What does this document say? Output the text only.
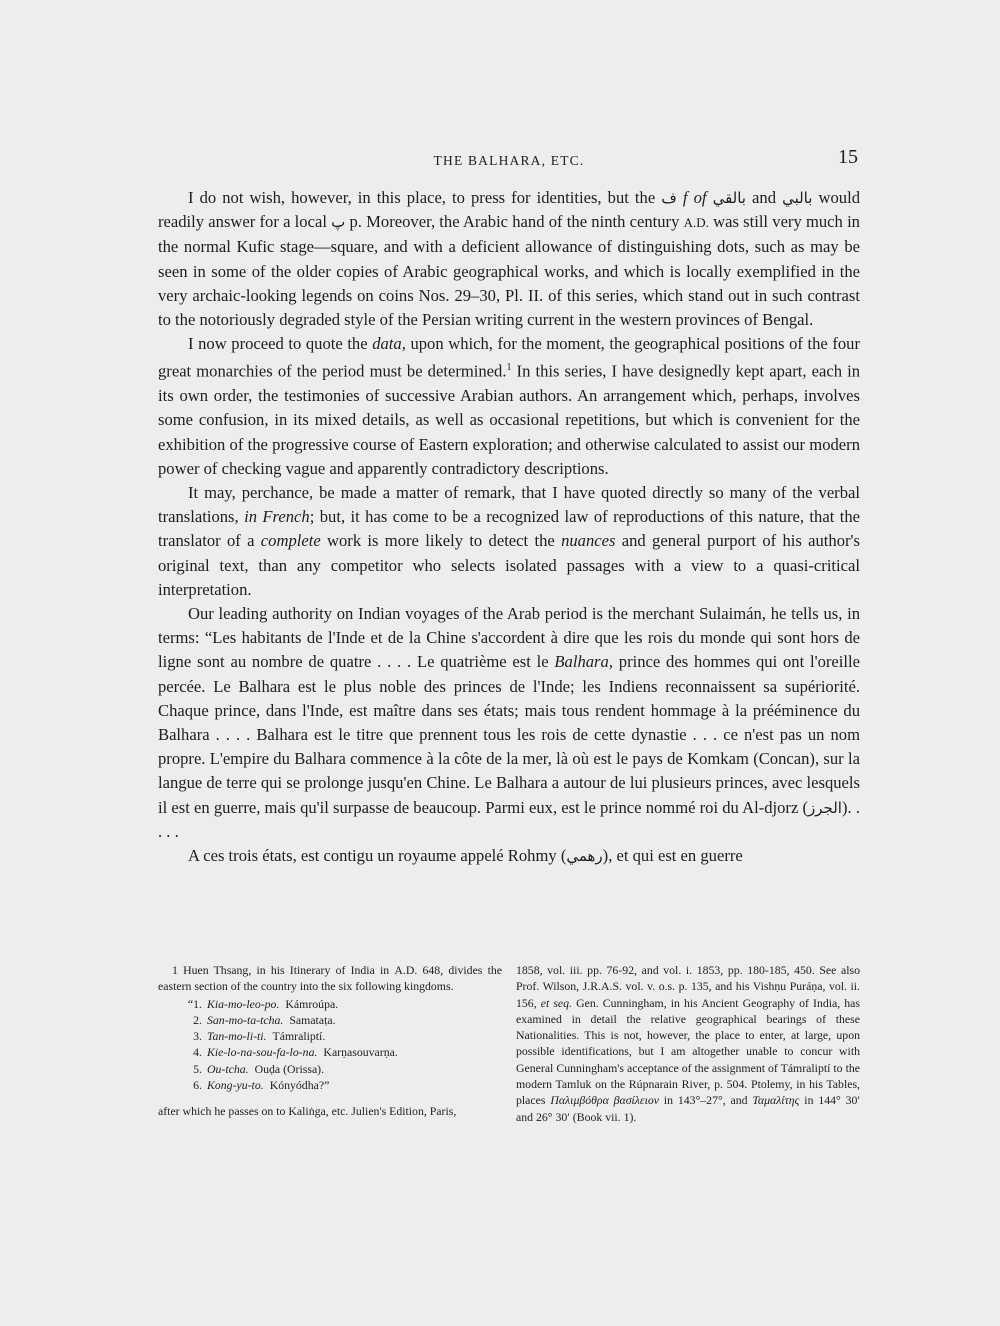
THE BALHARA, ETC.	15

I do not wish, however, in this place, to press for identities, but the ف f of بالقي and بالبي would readily answer for a local پ p. Moreover, the Arabic hand of the ninth century A.D. was still very much in the normal Kufic stage—square, and with a deficient allowance of distinguishing dots, such as may be seen in some of the older copies of Arabic geographical works, and which is locally exemplified in the very archaic-looking legends on coins Nos. 29–30, Pl. II. of this series, which stand out in such contrast to the notoriously degraded style of the Persian writing current in the western provinces of Bengal.

I now proceed to quote the data, upon which, for the moment, the geographical positions of the four great monarchies of the period must be determined.$^1$ In this series, I have designedly kept apart, each in its own order, the testimonies of successive Arabian authors. An arrangement which, perhaps, involves some confusion, in its mixed details, as well as occasional repetitions, but which is convenient for the exhibition of the progressive course of Eastern exploration; and otherwise calculated to assist our modern power of checking vague and apparently contradictory descriptions.

It may, perchance, be made a matter of remark, that I have quoted directly so many of the verbal translations, in French; but, it has come to be a recognized law of reproductions of this nature, that the translator of a complete work is more likely to detect the nuances and general purport of his author's original text, than any competitor who selects isolated passages with a view to a quasi-critical interpretation.

Our leading authority on Indian voyages of the Arab period is the merchant Sulaimán, he tells us, in terms: “Les habitants de l'Inde et de la Chine s'accordent à dire que les rois du monde qui sont hors de ligne sont au nombre de quatre . . . . Le quatrième est le Balhara, prince des hommes qui ont l'oreille percée. Le Balhara est le plus noble des princes de l'Inde; les Indiens reconnaissent sa supériorité. Chaque prince, dans l'Inde, est maître dans ses états; mais tous rendent hommage à la prééminence du Balhara . . . . Balhara est le titre que prennent tous les rois de cette dynastie . . . ce n'est pas un nom propre. L'empire du Balhara commence à la côte de la mer, là où est le pays de Komkam (Concan), sur la langue de terre qui se prolonge jusqu'en Chine. Le Balhara a autour de lui plusieurs princes, avec lesquels il est en guerre, mais qu'il surpasse de beaucoup. Parmi eux, est le prince nommé roi du Al-djorz (الجرز). . . . .

A ces trois états, est contigu un royaume appelé Rohmy (رهمي), et qui est en guerre

1 Huen Thsang, in his Itinerary of India in A.D. 648, divides the eastern section of the country into the six following kingdoms.

“1. Kia-mo-leo-po. Kámroúpa.
2. San-mo-ta-tcha. Samataṭa.
3. Tan-mo-li-ti. Támraliptí.
4. Kie-lo-na-sou-fa-lo-na. Karṇasouvarṇa.
5. Ou-tcha. Ouḍa (Orissa).
6. Kong-yu-to. Kónyódha?”

after which he passes on to Kaliṅga, etc. Julien's Edition, Paris,

1858, vol. iii. pp. 76-92, and vol. i. 1853, pp. 180-185, 450. See also Prof. Wilson, J.R.A.S. vol. v. o.s. p. 135, and his Vishṇu Puráṇa, vol. ii. 156, et seq. Gen. Cunningham, in his Ancient Geography of India, has examined in detail the relative geographical bearings of these Nationalities. This is not, however, the place to enter, at large, upon possible identifications, but I am altogether unable to concur with General Cunningham's acceptance of the assignment of Támraliptí to the modern Tamluk on the Rúpnarain River, p. 504. Ptolemy, in his Tables, places Παλιμβόθρα βασίλειον in 143°–27°, and Ταμαλίτης in 144° 30′ and 26° 30′ (Book vii. 1).
